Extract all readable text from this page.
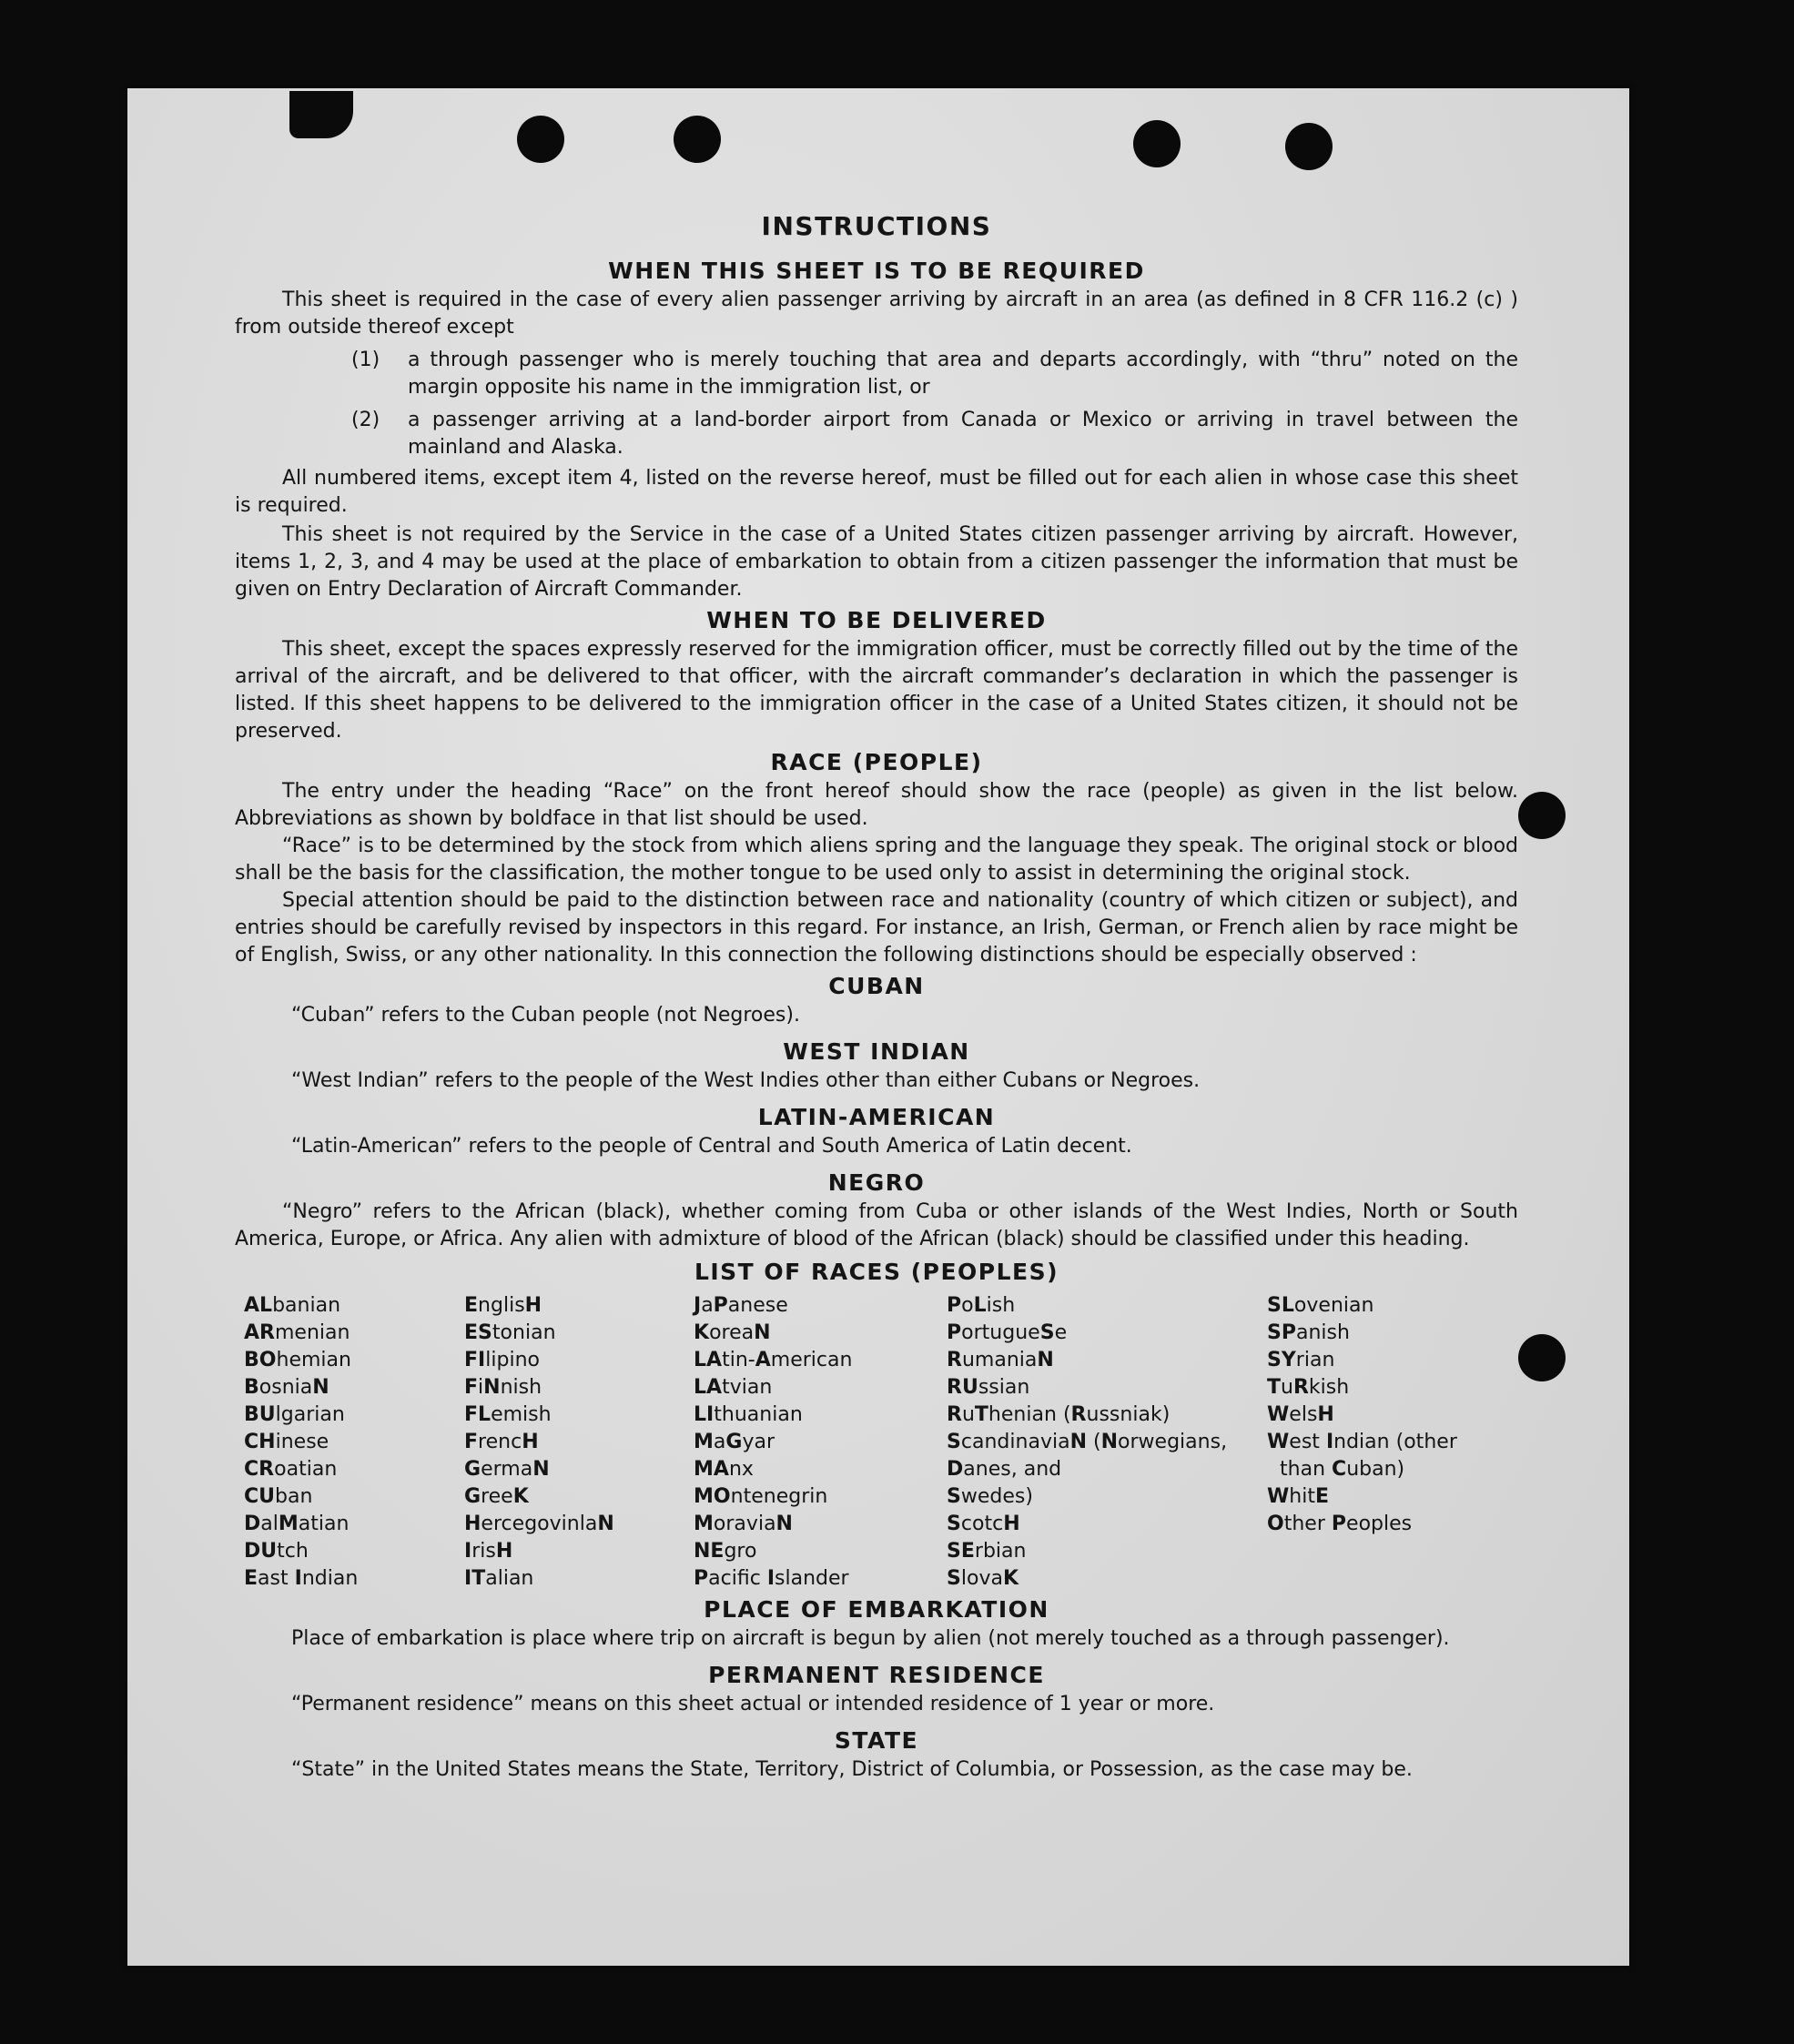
INSTRUCTIONS
WHEN THIS SHEET IS TO BE REQUIRED

This sheet is required in the case of every alien passenger arriving by aircraft in an area (as defined in 8 CFR 116.2 (c) ) from outside thereof except

(1)	a through passenger who is merely touching that area and departs accordingly, with “thru” noted on the margin opposite his name in the immigration list, or
(2)	a passenger arriving at a land-border airport from Canada or Mexico or arriving in travel between the mainland and Alaska.

All numbered items, except item 4, listed on the reverse hereof, must be filled out for each alien in whose case this sheet is required.

This sheet is not required by the Service in the case of a United States citizen passenger arriving by aircraft. However, items 1, 2, 3, and 4 may be used at the place of embarkation to obtain from a citizen passenger the information that must be given on Entry Declaration of Aircraft Commander.

WHEN TO BE DELIVERED

This sheet, except the spaces expressly reserved for the immigration officer, must be correctly filled out by the time of the arrival of the aircraft, and be delivered to that officer, with the aircraft commander’s declaration in which the passenger is listed. If this sheet happens to be delivered to the immigration officer in the case of a United States citizen, it should not be preserved.

RACE (PEOPLE)

The entry under the heading “Race” on the front hereof should show the race (people) as given in the list below. Abbreviations as shown by boldface in that list should be used.

“Race” is to be determined by the stock from which aliens spring and the language they speak. The original stock or blood shall be the basis for the classification, the mother tongue to be used only to assist in determining the original stock.

Special attention should be paid to the distinction between race and nationality (country of which citizen or subject), and entries should be carefully revised by inspectors in this regard. For instance, an Irish, German, or French alien by race might be of English, Swiss, or any other nationality. In this connection the following distinctions should be especially observed :

CUBAN

“Cuban” refers to the Cuban people (not Negroes).

WEST INDIAN

“West Indian” refers to the people of the West Indies other than either Cubans or Negroes.

LATIN-AMERICAN

“Latin-American” refers to the people of Central and South America of Latin decent.

NEGRO

“Negro” refers to the African (black), whether coming from Cuba or other islands of the West Indies, North or South America, Europe, or Africa. Any alien with admixture of blood of the African (black) should be classified under this heading.

LIST OF RACES (PEOPLES)
ALbanian
ARmenian
BOhemian
BosniaN
BUlgarian
CHinese
CRoatian
CUban
DalMatian
DUtch
East Indian
EnglisH
EStonian
FIlipino
FiNnish
FLemish
FrencH
GermaN
GreeK
HercegovinlaN
IrisH
ITalian
JaPanese
KoreaN
LAtin-American
LAtvian
LIthuanian
MaGyar
MAnx
MOntenegrin
MoraviaN
NEgro
Pacifc Islander
PoLish
PortugueSe
RumaniaN
RUssian
RuThenian (Russniak)
ScandinaviaN (Norwegians,
Danes, and
Swedes)
ScotcH
SErbian
SlovaK
SLovenian
SPanish
SYrian
TuRkish
WelsH
West Indian (other
than Cuban)
WhitE
Other Peoples
PLACE OF EMBARKATION

Place of embarkation is place where trip on aircraft is begun by alien (not merely touched as a through passenger).

PERMANENT RESIDENCE

“Permanent residence” means on this sheet actual or intended residence of 1 year or more.

STATE

“State” in the United States means the State, Territory, District of Columbia, or Possession, as the case may be.
